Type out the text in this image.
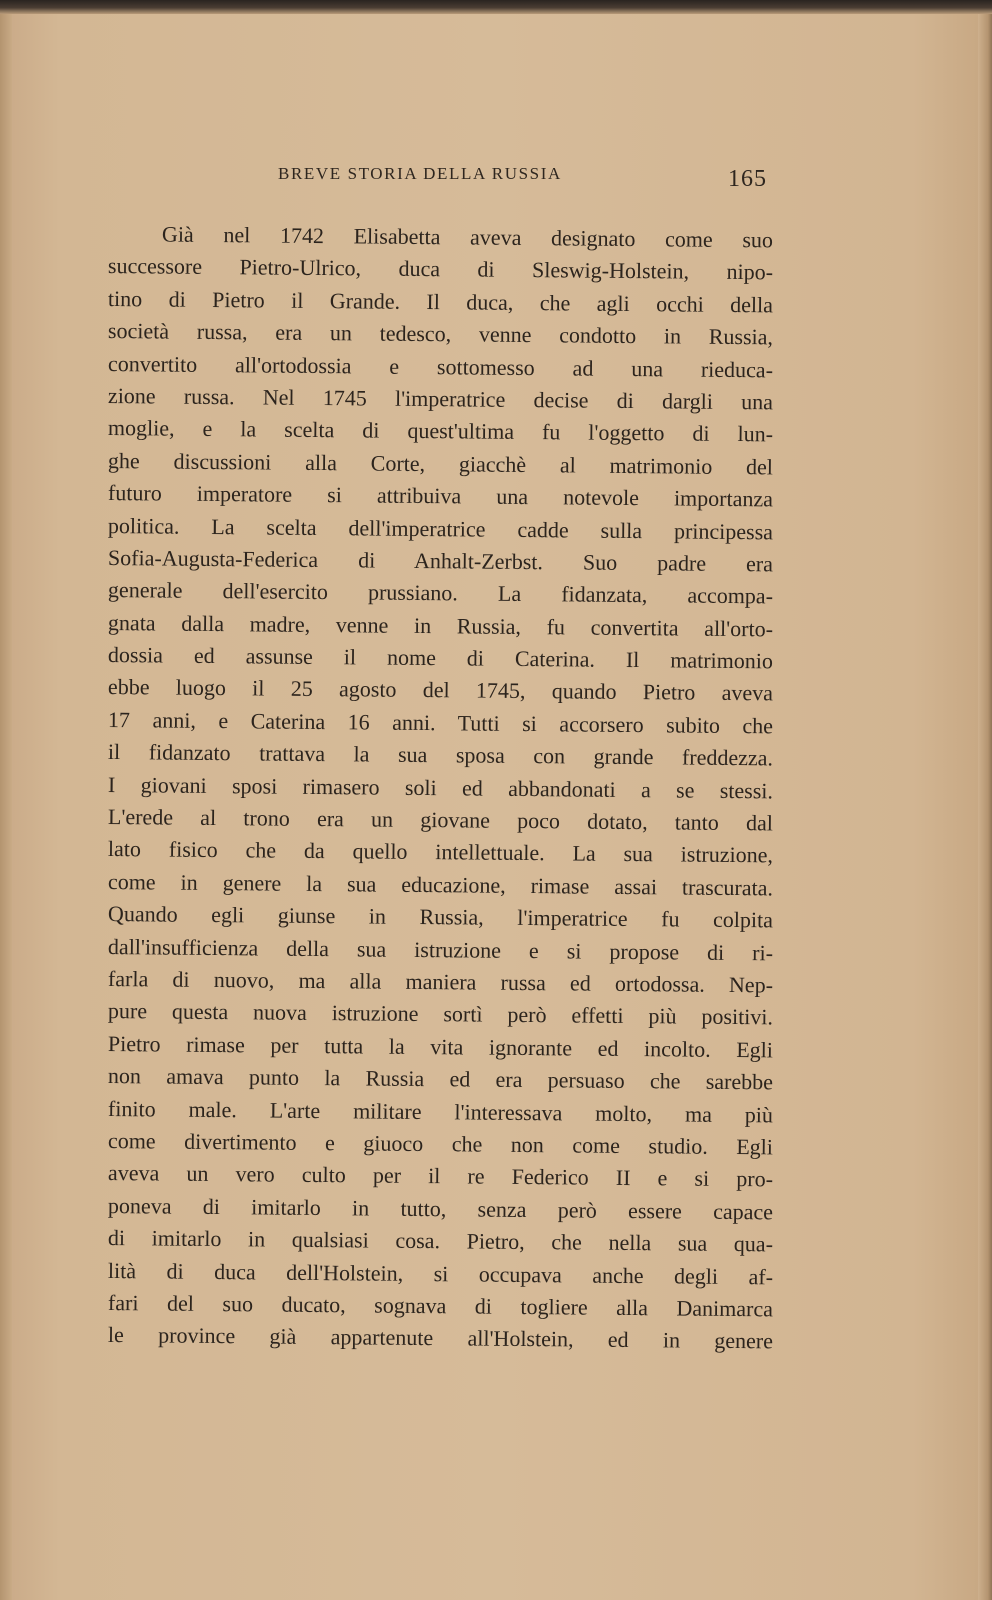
BREVE STORIA DELLA RUSSIA	165
Già nel 1742 Elisabetta aveva designato come suo
successore Pietro-Ulrico, duca di Sleswig-Holstein, nipo-
tino di Pietro il Grande. Il duca, che agli occhi della
società russa, era un tedesco, venne condotto in Russia,
convertito all'ortodossia e sottomesso ad una rieduca-
zione russa. Nel 1745 l'imperatrice decise di dargli una
moglie, e la scelta di quest'ultima fu l'oggetto di lun-
ghe discussioni alla Corte, giacchè al matrimonio del
futuro imperatore si attribuiva una notevole importanza
politica. La scelta dell'imperatrice cadde sulla principessa
Sofia-Augusta-Federica di Anhalt-Zerbst. Suo padre era
generale dell'esercito prussiano. La fidanzata, accompa-
gnata dalla madre, venne in Russia, fu convertita all'orto-
dossia ed assunse il nome di Caterina. Il matrimonio
ebbe luogo il 25 agosto del 1745, quando Pietro aveva
17 anni, e Caterina 16 anni. Tutti si accorsero subito che
il fidanzato trattava la sua sposa con grande freddezza.
I giovani sposi rimasero soli ed abbandonati a se stessi.
L'erede al trono era un giovane poco dotato, tanto dal
lato fisico che da quello intellettuale. La sua istruzione,
come in genere la sua educazione, rimase assai trascurata.
Quando egli giunse in Russia, l'imperatrice fu colpita
dall'insufficienza della sua istruzione e si propose di ri-
farla di nuovo, ma alla maniera russa ed ortodossa. Nep-
pure questa nuova istruzione sortì però effetti più positivi.
Pietro rimase per tutta la vita ignorante ed incolto. Egli
non amava punto la Russia ed era persuaso che sarebbe
finito male. L'arte militare l'interessava molto, ma più
come divertimento e giuoco che non come studio. Egli
aveva un vero culto per il re Federico II e si pro-
poneva di imitarlo in tutto, senza però essere capace
di imitarlo in qualsiasi cosa. Pietro, che nella sua qua-
lità di duca dell'Holstein, si occupava anche degli af-
fari del suo ducato, sognava di togliere alla Danimarca
le province già appartenute all'Holstein, ed in genere
